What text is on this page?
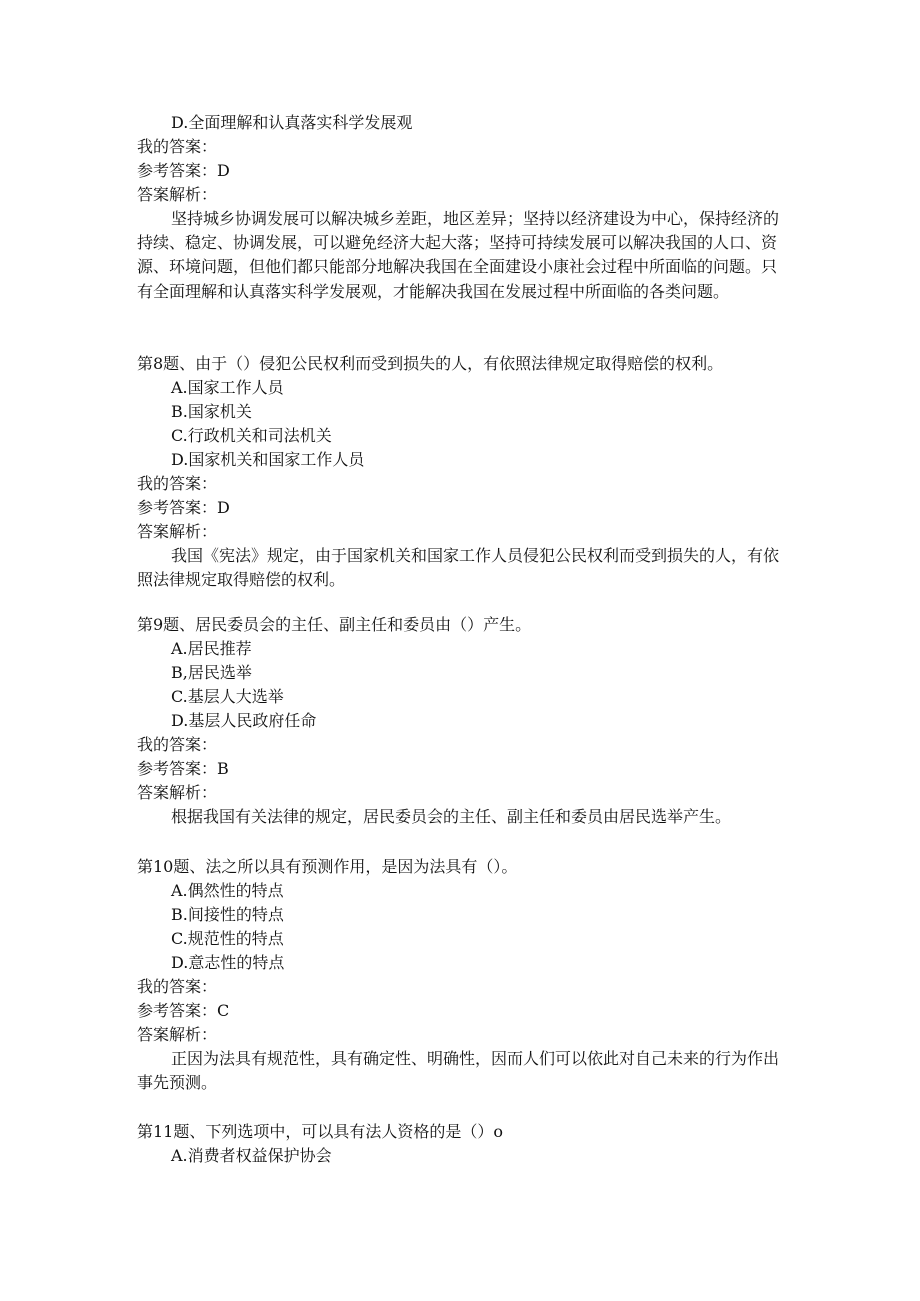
D.全面理解和认真落实科学发展观
我的答案：
参考答案：D
答案解析：
坚持城乡协调发展可以解决城乡差距，地区差异；坚持以经济建设为中心，保持经济的持续、稳定、协调发展，可以避免经济大起大落；坚持可持续发展可以解决我国的人口、资源、环境问题，但他们都只能部分地解决我国在全面建设小康社会过程中所面临的问题。只有全面理解和认真落实科学发展观，才能解决我国在发展过程中所面临的各类问题。
第8题、由于（）侵犯公民权利而受到损失的人，有依照法律规定取得赔偿的权利。
A.国家工作人员
B.国家机关
C.行政机关和司法机关
D.国家机关和国家工作人员
我的答案：
参考答案：D
答案解析：
我国《宪法》规定，由于国家机关和国家工作人员侵犯公民权利而受到损失的人，有依照法律规定取得赔偿的权利。
第9题、居民委员会的主任、副主任和委员由（）产生。
A.居民推荐
B,居民选举
C.基层人大选举
D.基层人民政府任命
我的答案：
参考答案：B
答案解析：
根据我国有关法律的规定，居民委员会的主任、副主任和委员由居民选举产生。
第10题、法之所以具有预测作用，是因为法具有（）。
A.偶然性的特点
B.间接性的特点
C.规范性的特点
D.意志性的特点
我的答案：
参考答案：C
答案解析：
正因为法具有规范性，具有确定性、明确性，因而人们可以依此对自己未来的行为作出事先预测。
第11题、下列选项中，可以具有法人资格的是（）o
A.消费者权益保护协会
